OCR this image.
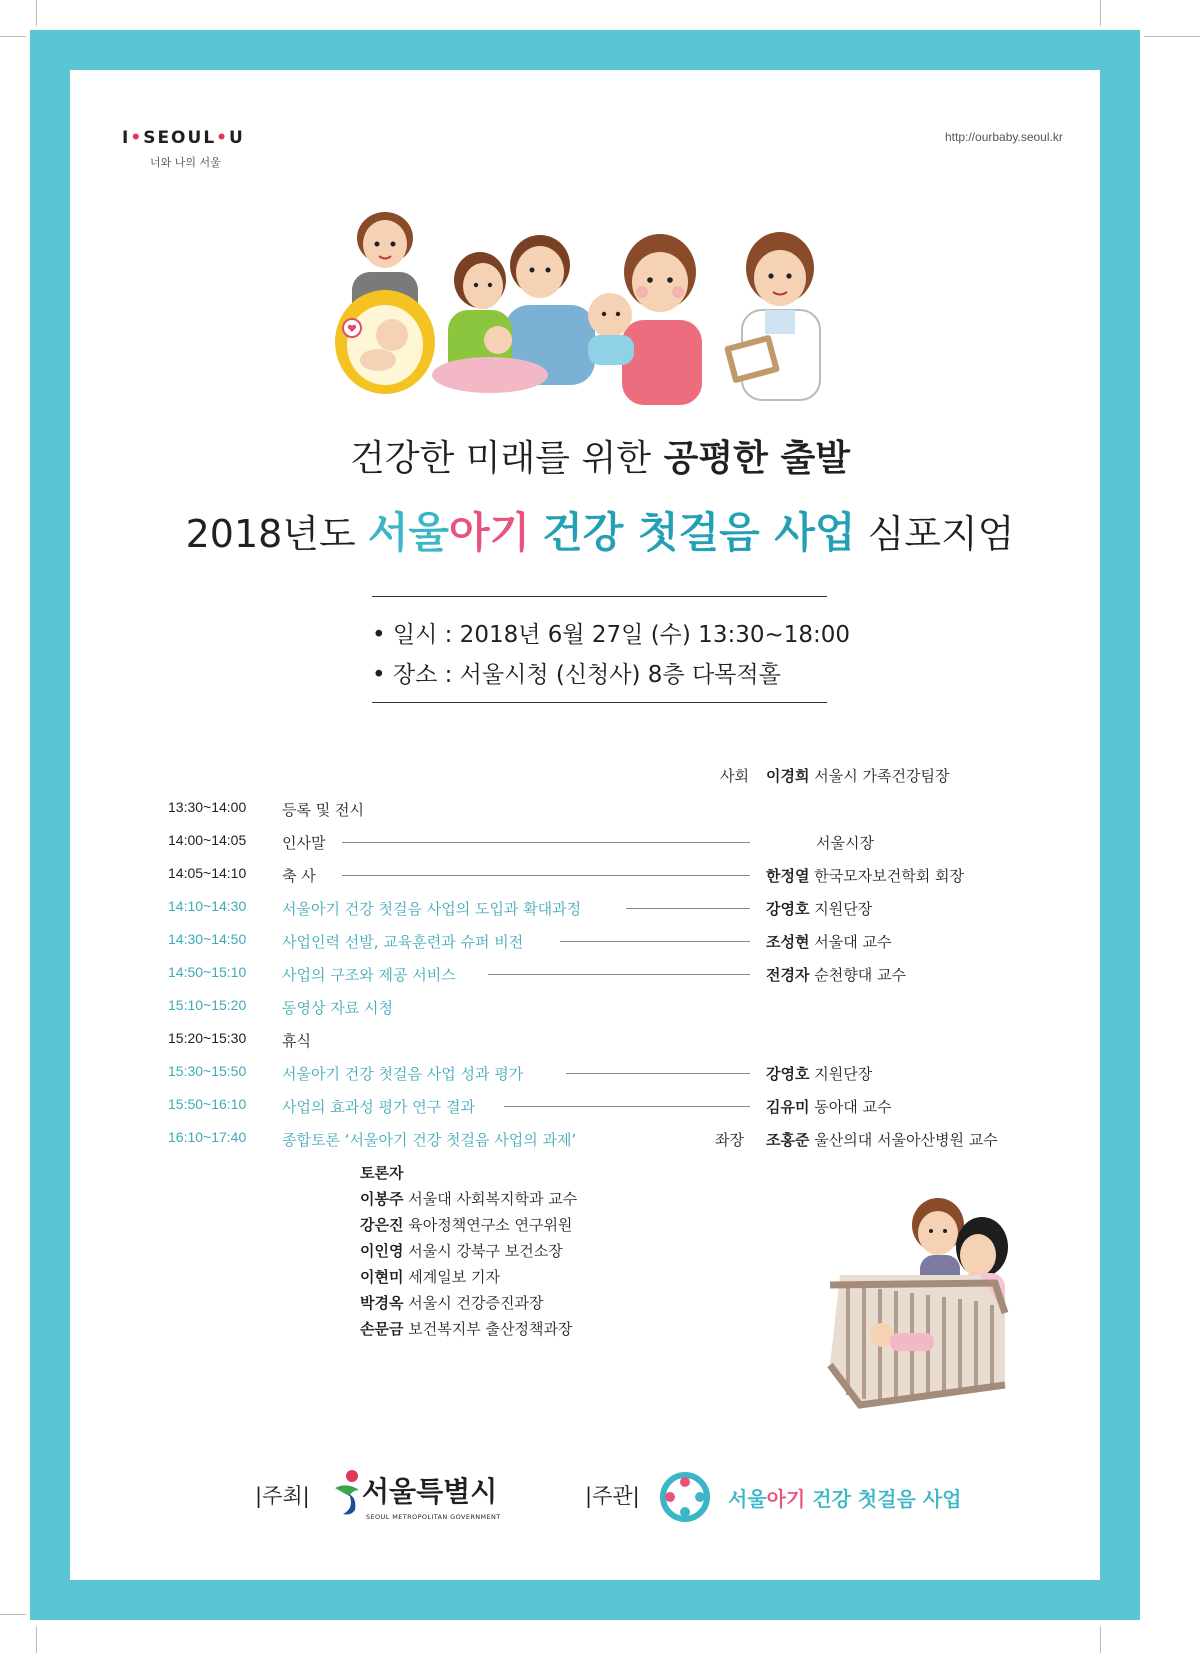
I•SEOUL•U
너와 나의 서울
http://ourbaby.seoul.kr
건강한 미래를 위한 공평한 출발
2018년도 서울아기 건강 첫걸음 사업 심포지엄
• 일시 : 2018년 6월 27일 (수) 13:30~18:00
• 장소 : 서울시청 (신청사) 8층 다목적홀
사회 이경희 서울시 가족건강팀장
13:30~14:00 등록 및 전시
14:00~14:05 인사말	서울시장
14:05~14:10 축 사	한정열 한국모자보건학회 회장
14:10~14:30 서울아기 건강 첫걸음 사업의 도입과 확대과정	강영호 지원단장
14:30~14:50 사업인력 선발, 교육훈련과 슈퍼 비전	조성현 서울대 교수
14:50~15:10 사업의 구조와 제공 서비스	전경자 순천향대 교수
15:10~15:20 동영상 자료 시청
15:20~15:30 휴식
15:30~15:50 서울아기 건강 첫걸음 사업 성과 평가	강영호 지원단장
15:50~16:10 사업의 효과성 평가 연구 결과	김유미 동아대 교수
16:10~17:40 종합토론 ‘서울아기 건강 첫걸음 사업의 과제’	좌장 조홍준 울산의대 서울아산병원 교수
토론자
이봉주 서울대 사회복지학과 교수
강은진 육아정책연구소 연구위원
이인영 서울시 강북구 보건소장
이현미 세계일보 기자
박경옥 서울시 건강증진과장
손문금 보건복지부 출산정책과장
|주최| 서울특별시
SEOUL METROPOLITAN GOVERNMENT
|주관|	서울아기 건강 첫걸음 사업
